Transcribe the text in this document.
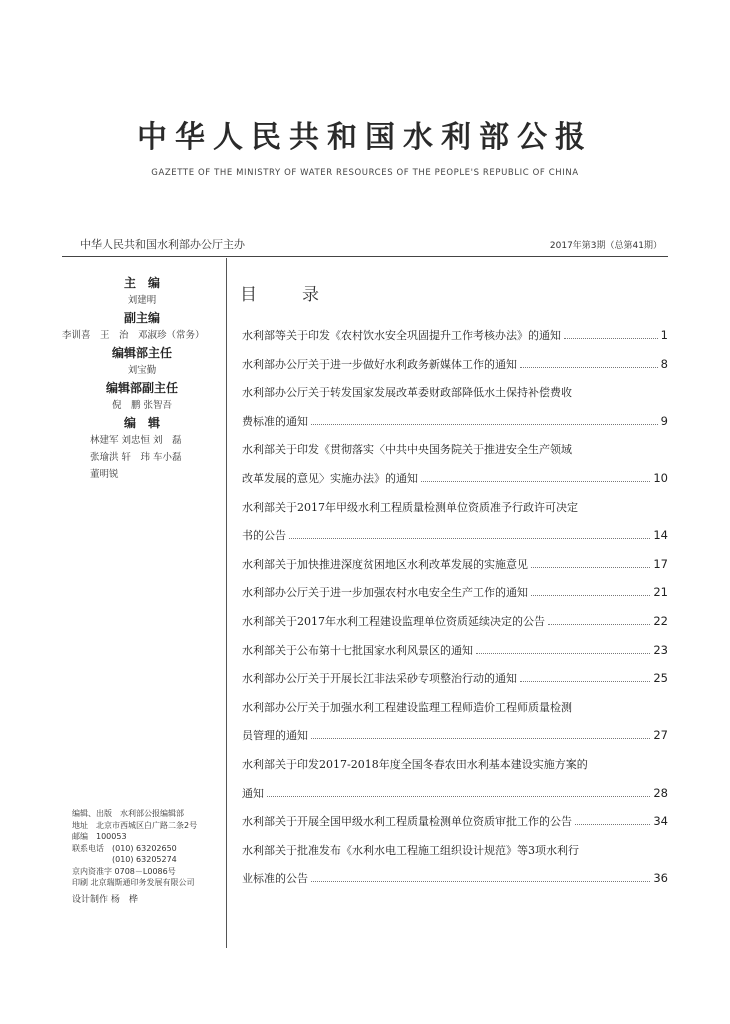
中华人民共和国水利部公报
GAZETTE OF THE MINISTRY OF WATER RESOURCES OF THE PEOPLE'S REPUBLIC OF CHINA
中华人民共和国水利部办公厅主办	2017年第3期（总第41期）
主　编
刘建明
副主编
李训喜　王　治　邓淑珍（常务）
编辑部主任
刘宝勤
编辑部副主任
倪　鹏 张智吾
编　辑
林建军 刘忠恒 刘　磊
张瑜洪 轩　玮 车小磊
董明锐
编辑、出版　水利部公报编辑部
地址　北京市西城区白广路二条2号
邮编　100053
联系电话　(010) 63202650
　　　　　(010) 63205274
京内资准字 0708－L0086号
印刷 北京瑞斯通印务发展有限公司
设计制作 杨　桦
目　录
水利部等关于印发《农村饮水安全巩固提升工作考核办法》的通知	1
水利部办公厅关于进一步做好水利政务新媒体工作的通知	8
水利部办公厅关于转发国家发展改革委财政部降低水土保持补偿费收
费标准的通知	9
水利部关于印发《贯彻落实〈中共中央国务院关于推进安全生产领域
改革发展的意见〉实施办法》的通知	10
水利部关于2017年甲级水利工程质量检测单位资质准予行政许可决定
书的公告	14
水利部关于加快推进深度贫困地区水利改革发展的实施意见	17
水利部办公厅关于进一步加强农村水电安全生产工作的通知	21
水利部关于2017年水利工程建设监理单位资质延续决定的公告	22
水利部关于公布第十七批国家水利风景区的通知	23
水利部办公厅关于开展长江非法采砂专项整治行动的通知	25
水利部办公厅关于加强水利工程建设监理工程师造价工程师质量检测
员管理的通知	27
水利部关于印发2017-2018年度全国冬春农田水利基本建设实施方案的
通知	28
水利部关于开展全国甲级水利工程质量检测单位资质审批工作的公告	34
水利部关于批准发布《水利水电工程施工组织设计规范》等3项水利行
业标准的公告	36
